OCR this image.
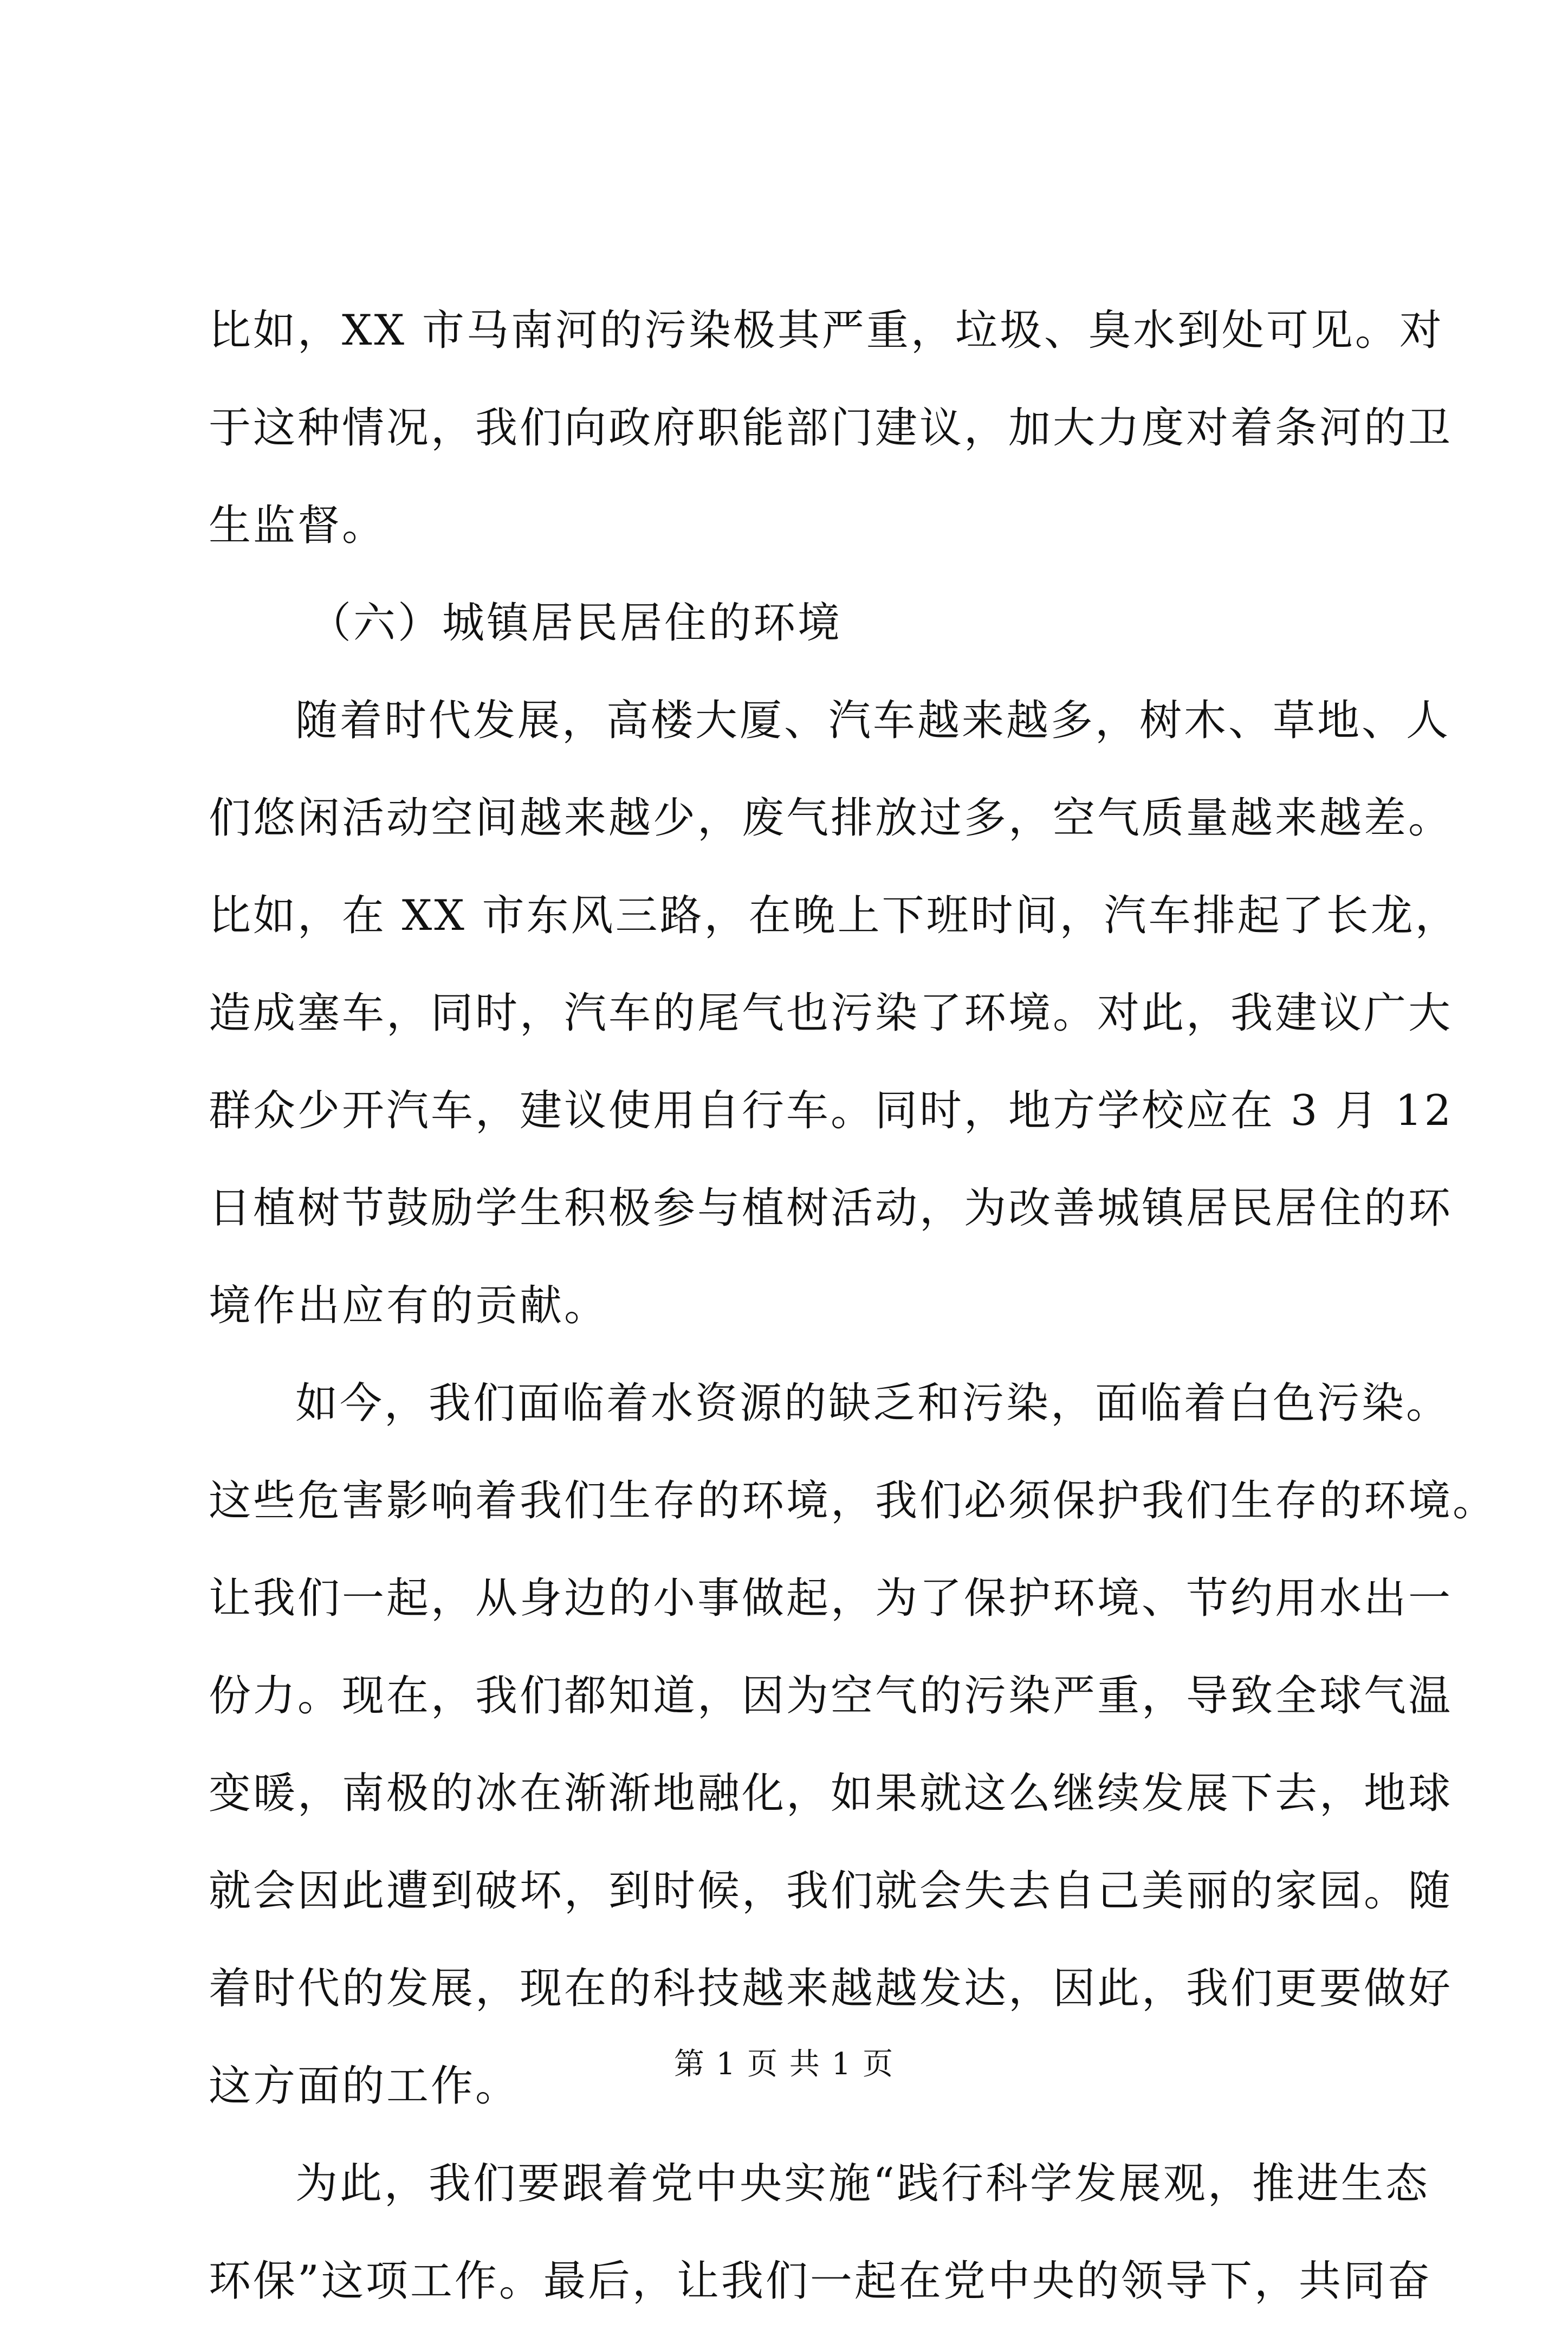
比如，XX 市马南河的污染极其严重，垃圾、臭水到处可见。对
于这种情况，我们向政府职能部门建议，加大力度对着条河的卫
生监督。
（六）城镇居民居住的环境
随着时代发展，高楼大厦、汽车越来越多，树木、草地、人
们悠闲活动空间越来越少，废气排放过多，空气质量越来越差。
比如，在 XX 市东风三路，在晚上下班时间，汽车排起了长龙，
造成塞车，同时，汽车的尾气也污染了环境。对此，我建议广大
群众少开汽车，建议使用自行车。同时，地方学校应在 3 月 12
日植树节鼓励学生积极参与植树活动，为改善城镇居民居住的环
境作出应有的贡献。
如今，我们面临着水资源的缺乏和污染，面临着白色污染。
这些危害影响着我们生存的环境，我们必须保护我们生存的环境。
让我们一起，从身边的小事做起，为了保护环境、节约用水出一
份力。现在，我们都知道，因为空气的污染严重，导致全球气温
变暖，南极的冰在渐渐地融化，如果就这么继续发展下去，地球
就会因此遭到破坏，到时候，我们就会失去自己美丽的家园。随
着时代的发展，现在的科技越来越越发达，因此，我们更要做好
这方面的工作。
为此，我们要跟着党中央实施“践行科学发展观，推进生态
环保”这项工作。最后，让我们一起在党中央的领导下，共同奋
第 1 页 共 1 页
